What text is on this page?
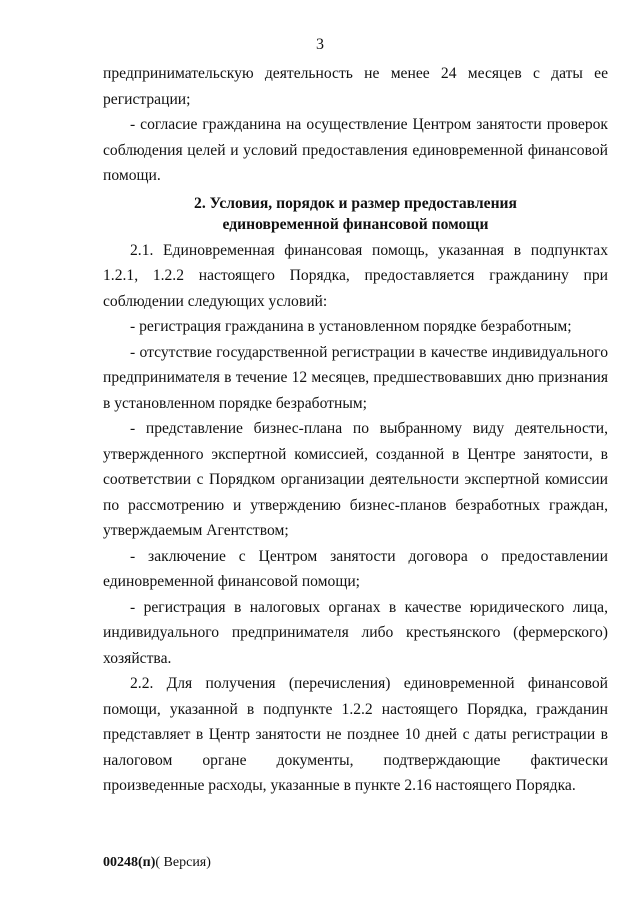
3

предпринимательскую деятельность не менее 24 месяцев с даты ее регистрации;

- согласие гражданина на осуществление Центром занятости проверок соблюдения целей и условий предоставления единовременной финансовой помощи.

2. Условия, порядок и размер предоставления
единовременной финансовой помощи

2.1. Единовременная финансовая помощь, указанная в подпунктах 1.2.1, 1.2.2 настоящего Порядка, предоставляется гражданину при соблюдении следующих условий:

- регистрация гражданина в установленном порядке безработным;

- отсутствие государственной регистрации в качестве индивидуального предпринимателя в течение 12 месяцев, предшествовавших дню признания в установленном порядке безработным;

- представление бизнес-плана по выбранному виду деятельности, утвержденного экспертной комиссией, созданной в Центре занятости, в соответствии с Порядком организации деятельности экспертной комиссии по рассмотрению и утверждению бизнес-планов безработных граждан, утверждаемым Агентством;

- заключение с Центром занятости договора о предоставлении единовременной финансовой помощи;

- регистрация в налоговых органах в качестве юридического лица, индивидуального предпринимателя либо крестьянского (фермерского) хозяйства.

2.2. Для получения (перечисления) единовременной финансовой помощи, указанной в подпункте 1.2.2 настоящего Порядка, гражданин представляет в Центр занятости не позднее 10 дней с даты регистрации в налоговом органе документы, подтверждающие фактически произведенные расходы, указанные в пункте 2.16 настоящего Порядка.

00248(п)( Версия)
